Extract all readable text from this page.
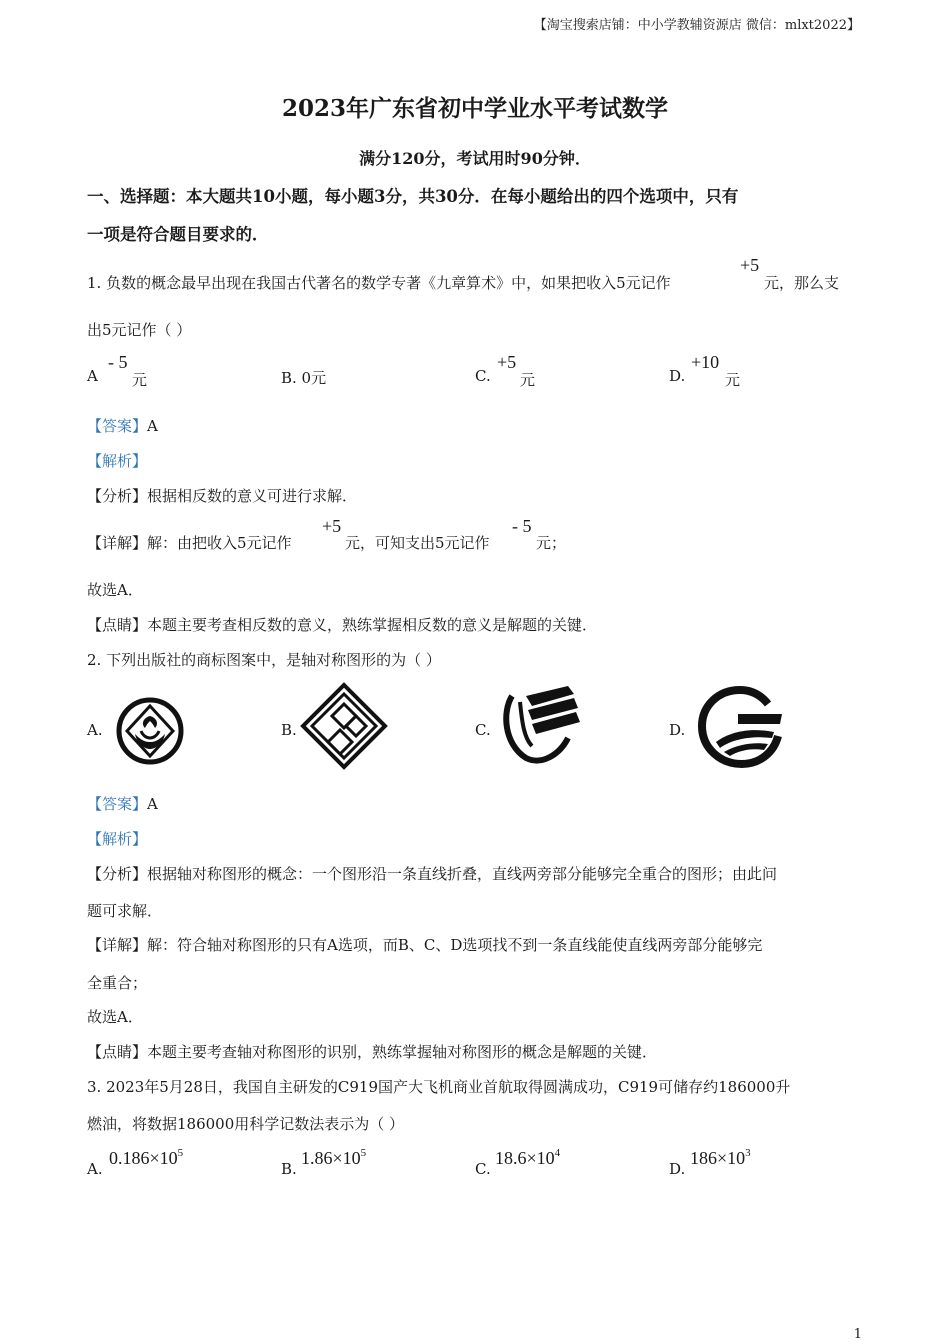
【淘宝搜索店铺：中小学教辅资源店 微信：mlxt2022】
2023年广东省初中学业水平考试数学
满分120分，考试用时90分钟．
一、选择题：本大题共10小题，每小题3分，共30分．在每小题给出的四个选项中，只有
一项是符合题目要求的．
1. 负数的概念最早出现在我国古代著名的数学专著《九章算术》中，如果把收入5元记作
+5
元，那么支
出5元记作（ ）
A
- 5
元	B. 0元	C.
+5
元	D.
+10
元
【答案】A
【解析】
【分析】根据相反数的意义可进行求解．
【详解】解：由把收入5元记作
+5
元，可知支出5元记作
- 5
元；
故选A．
【点睛】本题主要考查相反数的意义，熟练掌握相反数的意义是解题的关键．
2. 下列出版社的商标图案中，是轴对称图形的为（ ）
A.	B.	C.	D.
【答案】A
【解析】
【分析】根据轴对称图形的概念：一个图形沿一条直线折叠，直线两旁部分能够完全重合的图形；由此问
题可求解．
【详解】解：符合轴对称图形的只有A选项，而B、C、D选项找不到一条直线能使直线两旁部分能够完
全重合；
故选A．
【点睛】本题主要考查轴对称图形的识别，熟练掌握轴对称图形的概念是解题的关键．
3. 2023年5月28日，我国自主研发的C919国产大飞机商业首航取得圆满成功，C919可储存约186000升
燃油，将数据186000用科学记数法表示为（ ）
A.
$0.186\times 10^5$
B.
$1.86\times 10^5$
C.
$18.6\times 10^4$
D.
$186\times 10^3$
1
